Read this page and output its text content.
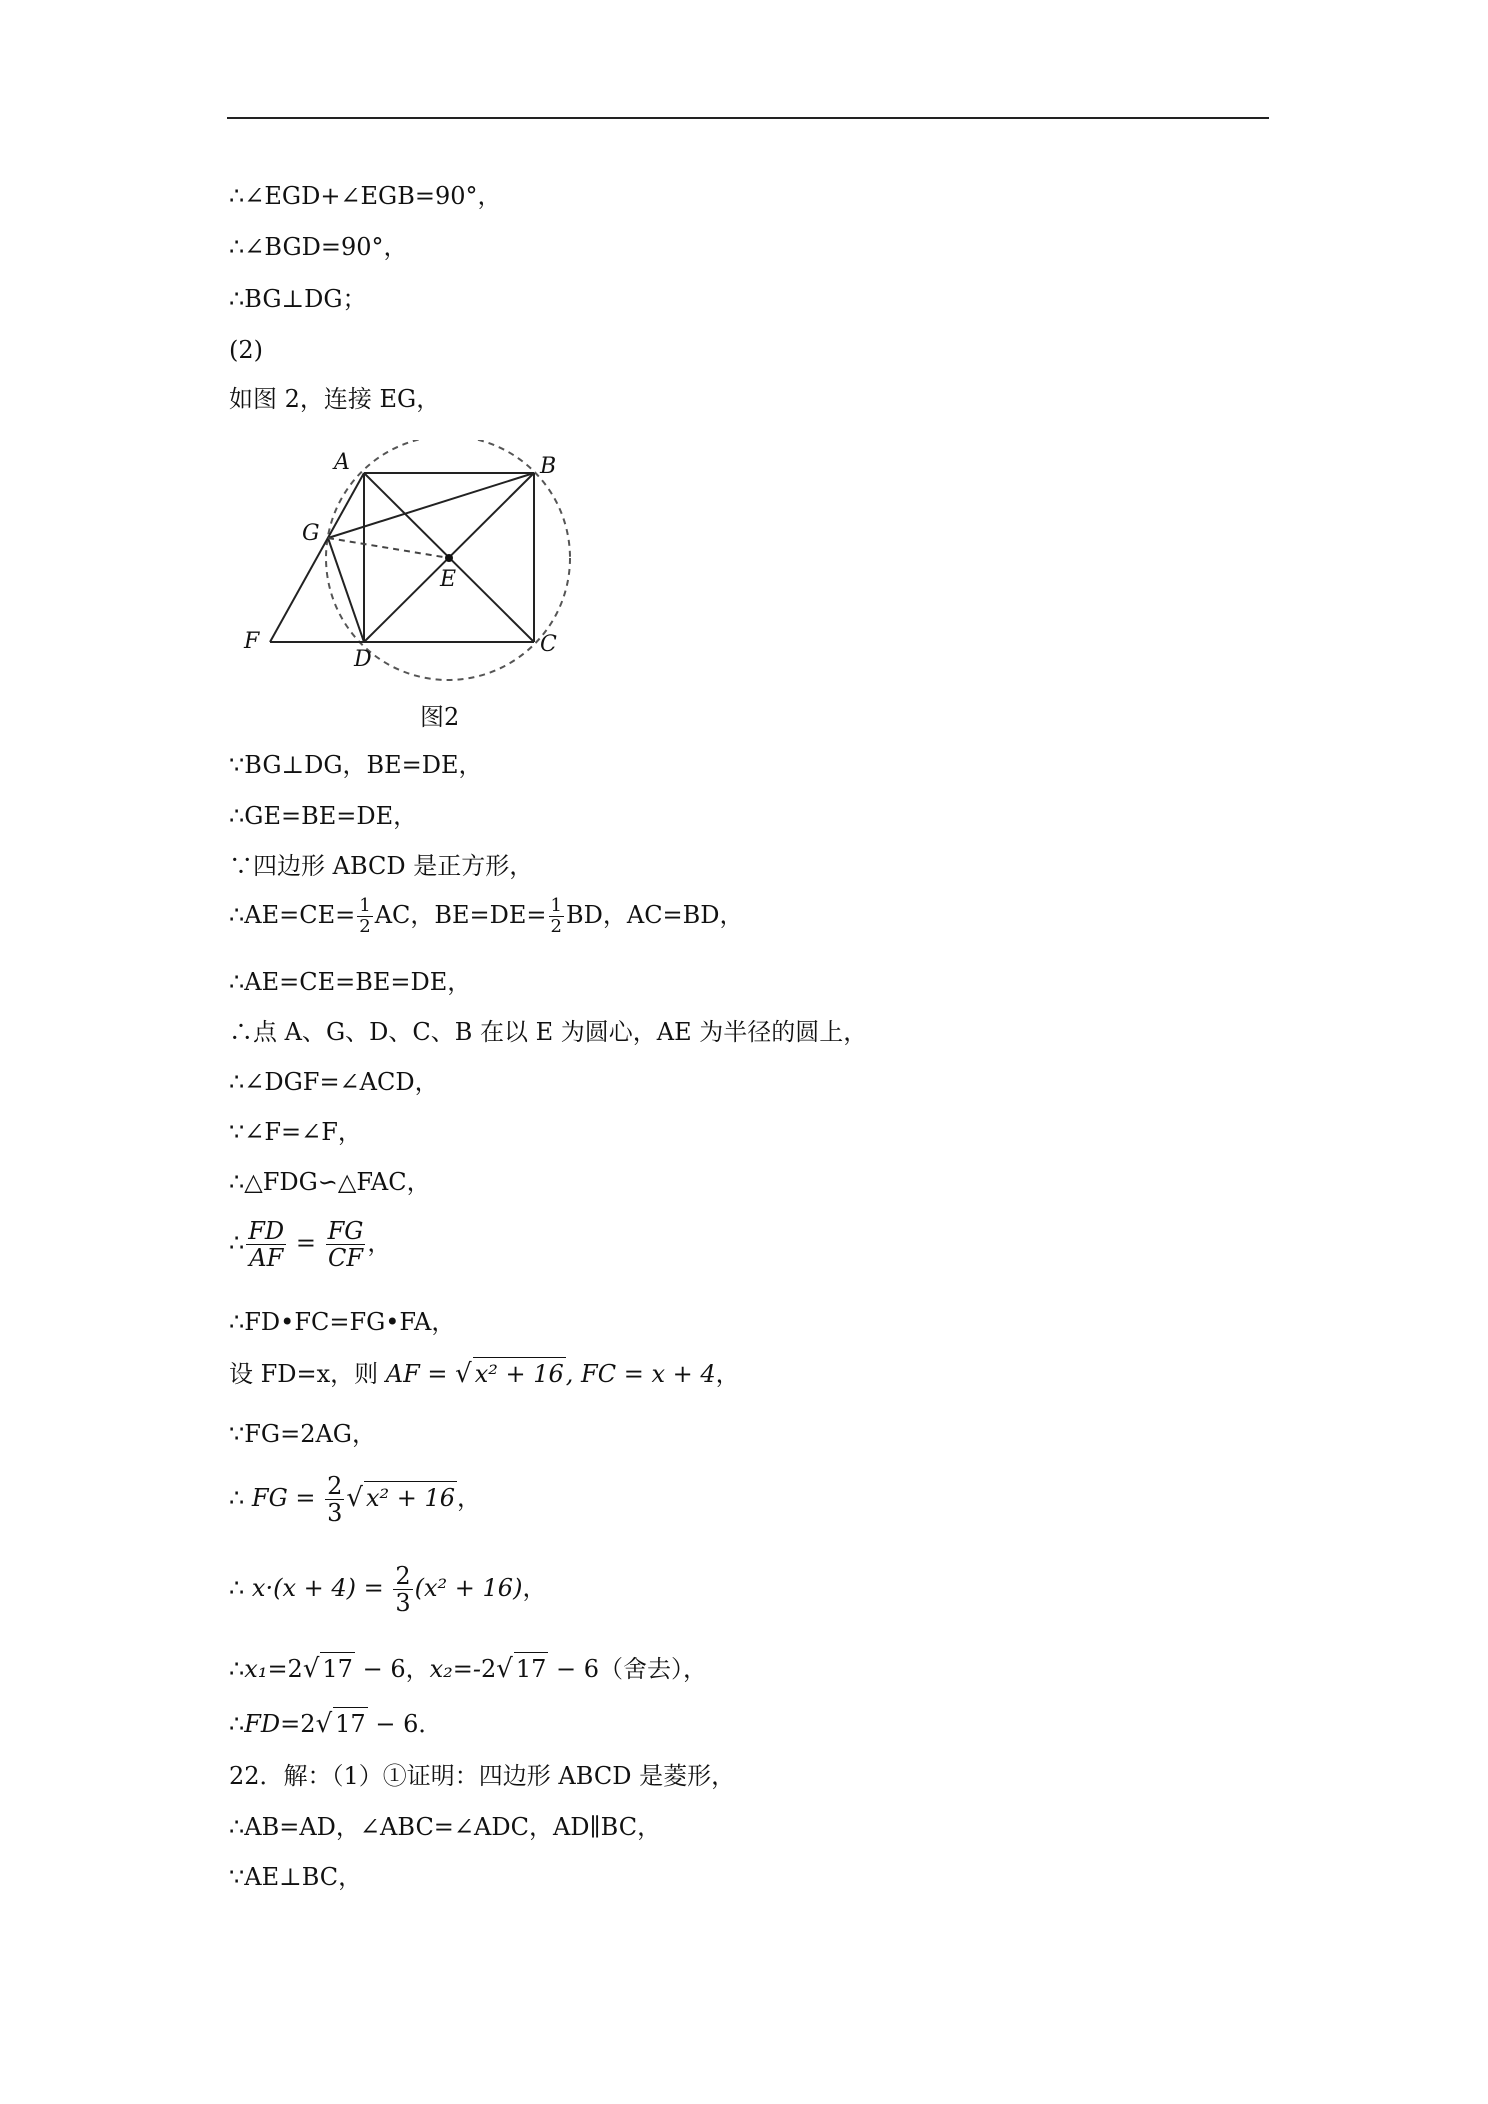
∴∠EGD+∠EGB=90°，
∴∠BGD=90°，
∴BG⊥DG；
(2)
如图 2，连接 EG，
A	B
C
D
E
F
G
图2
∵BG⊥DG，BE=DE，
∴GE=BE=DE，
∵四边形 ABCD 是正方形，
∴AE=CE= $\frac{1}{2}$ AC，$BE=DE= \frac{1}{2}$ BD，AC=BD，
∴AE=CE=BE=DE，
∴点 A、G、D、C、B 在以 E 为圆心，AE 为半径的圆上，
∴∠DGF=∠ACD，
∵∠F=∠F，
∴△FDG∽△FAC，
∴ $\frac{FD}{AF} = \frac{FG}{CF}$ ，
∴FD•FC=FG•FA，
设 FD=x，则 AF = √ x² + 16, FC = x + 4，
∵FG=2AG，
∴ FG = $\frac{2}{3}$ √ x² + 16，
∴ $x\cdot(x + 4) = \frac{2}{3} (x^2 + 16)$，
∴x₁=2√ 17 − 6，x₂=-2√ 17 − 6（舍去），
∴FD=2√ 17 − 6．
22．解：（1）①证明：四边形 ABCD 是菱形，
∴AB=AD，∠ABC=∠ADC，AD∥BC，
∵AE⊥BC，
